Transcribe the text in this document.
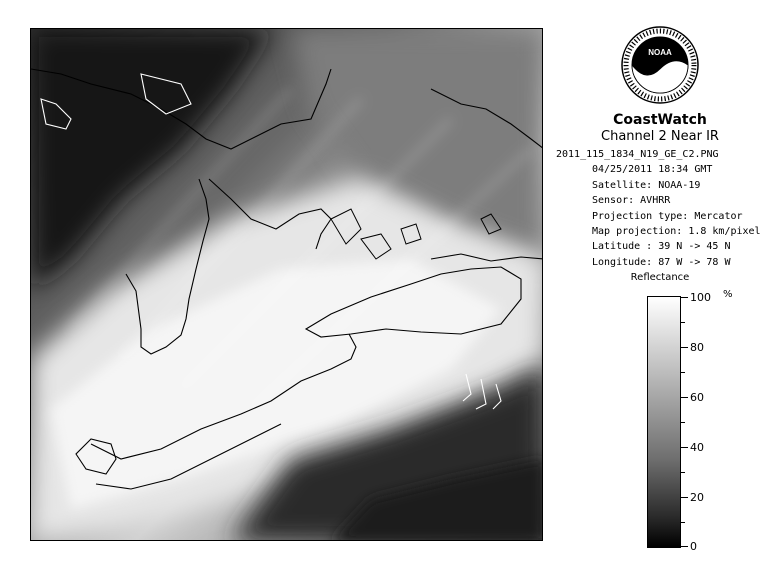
NOAA
CoastWatch
Channel 2 Near IR
2011_115_1834_N19_GE_C2.PNG
04/25/2011 18:34 GMT
Satellite: NOAA-19
Sensor: AVHRR
Projection type: Mercator
Map projection: 1.8 km/pixel
Latitude : 39 N -> 45 N
Longitude: 87 W -> 78 W
Reflectance
%
100
80
60
40
20
0
